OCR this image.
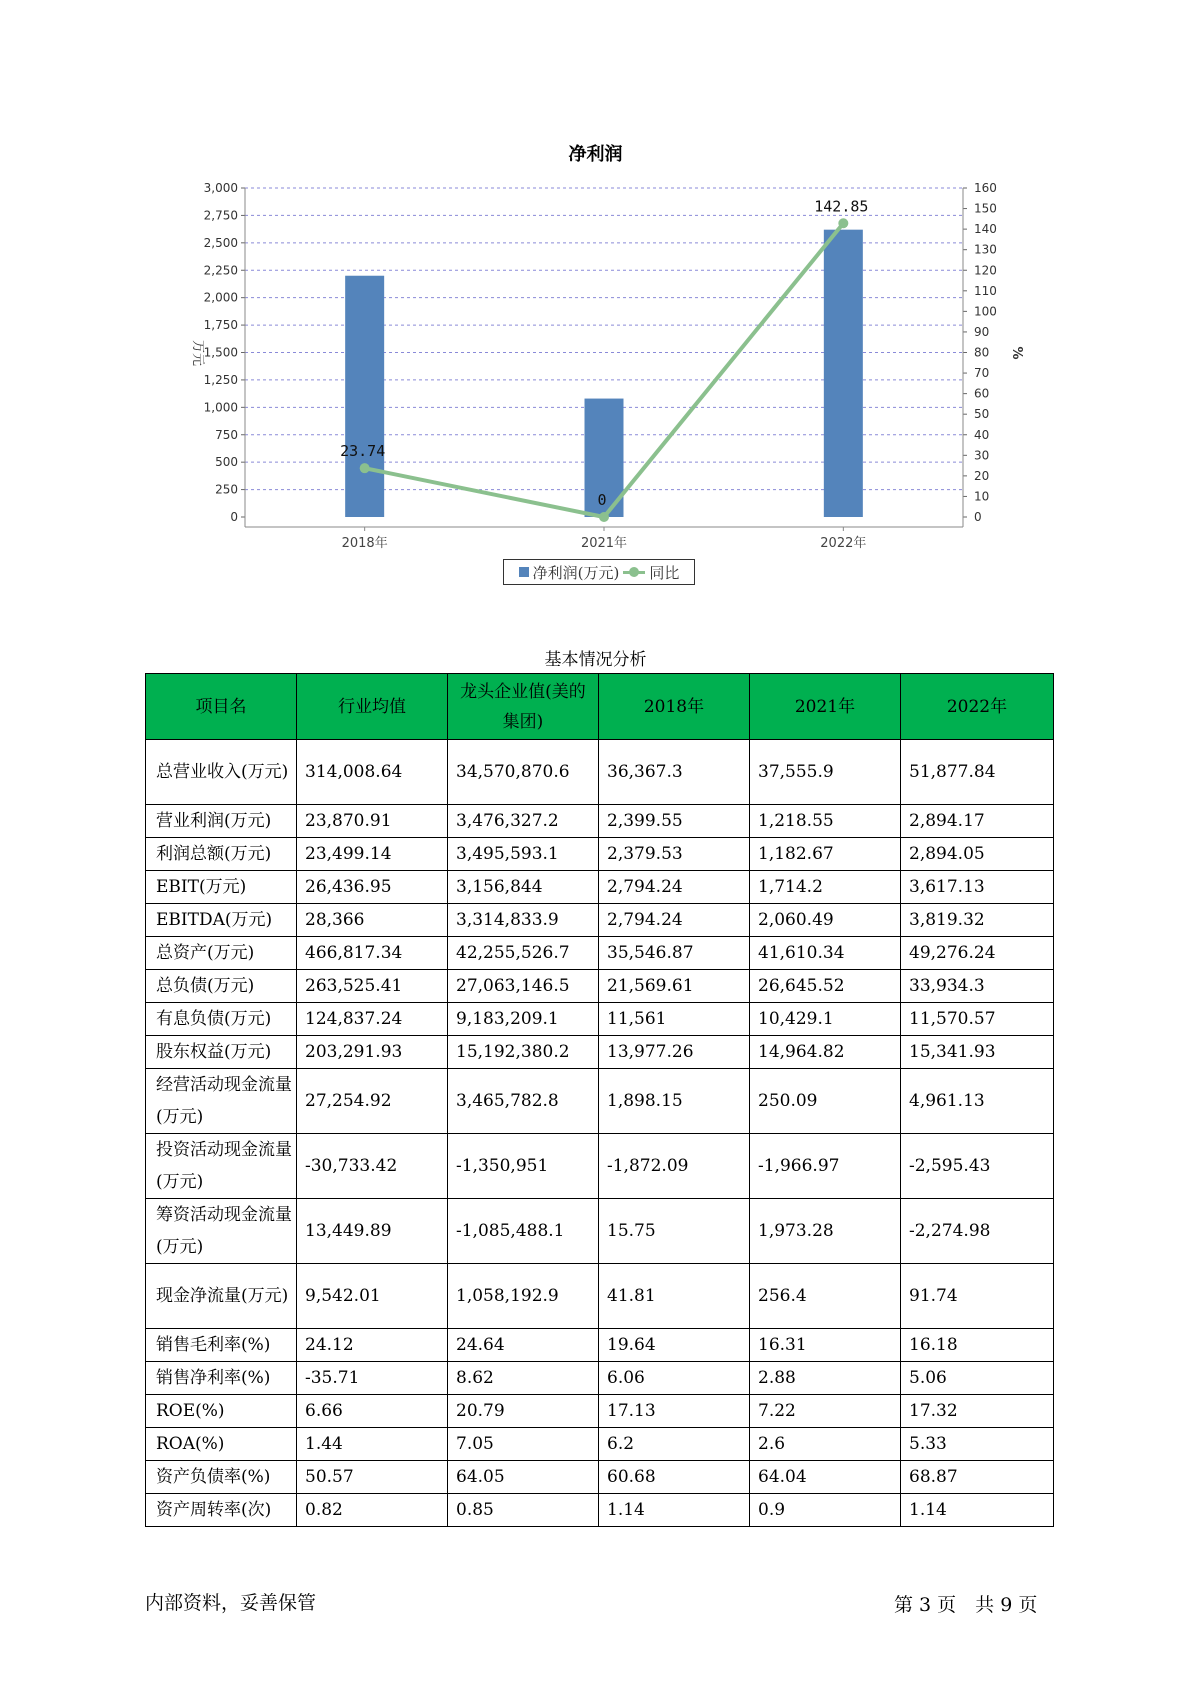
净利润
0
250
500
750
1,000
1,250
1,500
1,750
2,000
2,250
2,500
2,750
3,000
0
10
20
30
40
50
60
70
80
90
100
110
120
130
140
150
160
万元	%
2018年	2021年	2022年
23.74
0
142.85
净利润(万元) 同比
基本情况分析
项目名	行业均值	龙头企业值(美的集团)	2018年	2021年	2022年
总营业收入(万元)	314,008.64	34,570,870.6	36,367.3	37,555.9	51,877.84
营业利润(万元)	23,870.91	3,476,327.2	2,399.55	1,218.55	2,894.17
利润总额(万元)	23,499.14	3,495,593.1	2,379.53	1,182.67	2,894.05
EBIT(万元)	26,436.95	3,156,844	2,794.24	1,714.2	3,617.13
EBITDA(万元)	28,366	3,314,833.9	2,794.24	2,060.49	3,819.32
总资产(万元)	466,817.34	42,255,526.7	35,546.87	41,610.34	49,276.24
总负债(万元)	263,525.41	27,063,146.5	21,569.61	26,645.52	33,934.3
有息负债(万元)	124,837.24	9,183,209.1	11,561	10,429.1	11,570.57
股东权益(万元)	203,291.93	15,192,380.2	13,977.26	14,964.82	15,341.93
经营活动现金流量(万元)	27,254.92	3,465,782.8	1,898.15	250.09	4,961.13
投资活动现金流量(万元)	-30,733.42	-1,350,951	-1,872.09	-1,966.97	-2,595.43
筹资活动现金流量(万元)	13,449.89	-1,085,488.1	15.75	1,973.28	-2,274.98
现金净流量(万元)	9,542.01	1,058,192.9	41.81	256.4	91.74
销售毛利率(%)	24.12	24.64	19.64	16.31	16.18
销售净利率(%)	-35.71	8.62	6.06	2.88	5.06
ROE(%)	6.66	20.79	17.13	7.22	17.32
ROA(%)	1.44	7.05	6.2	2.6	5.33
资产负债率(%)	50.57	64.05	60.68	64.04	68.87
资产周转率(次)	0.82	0.85	1.14	0.9	1.14
内部资料，妥善保管	第 3 页　共 9 页
